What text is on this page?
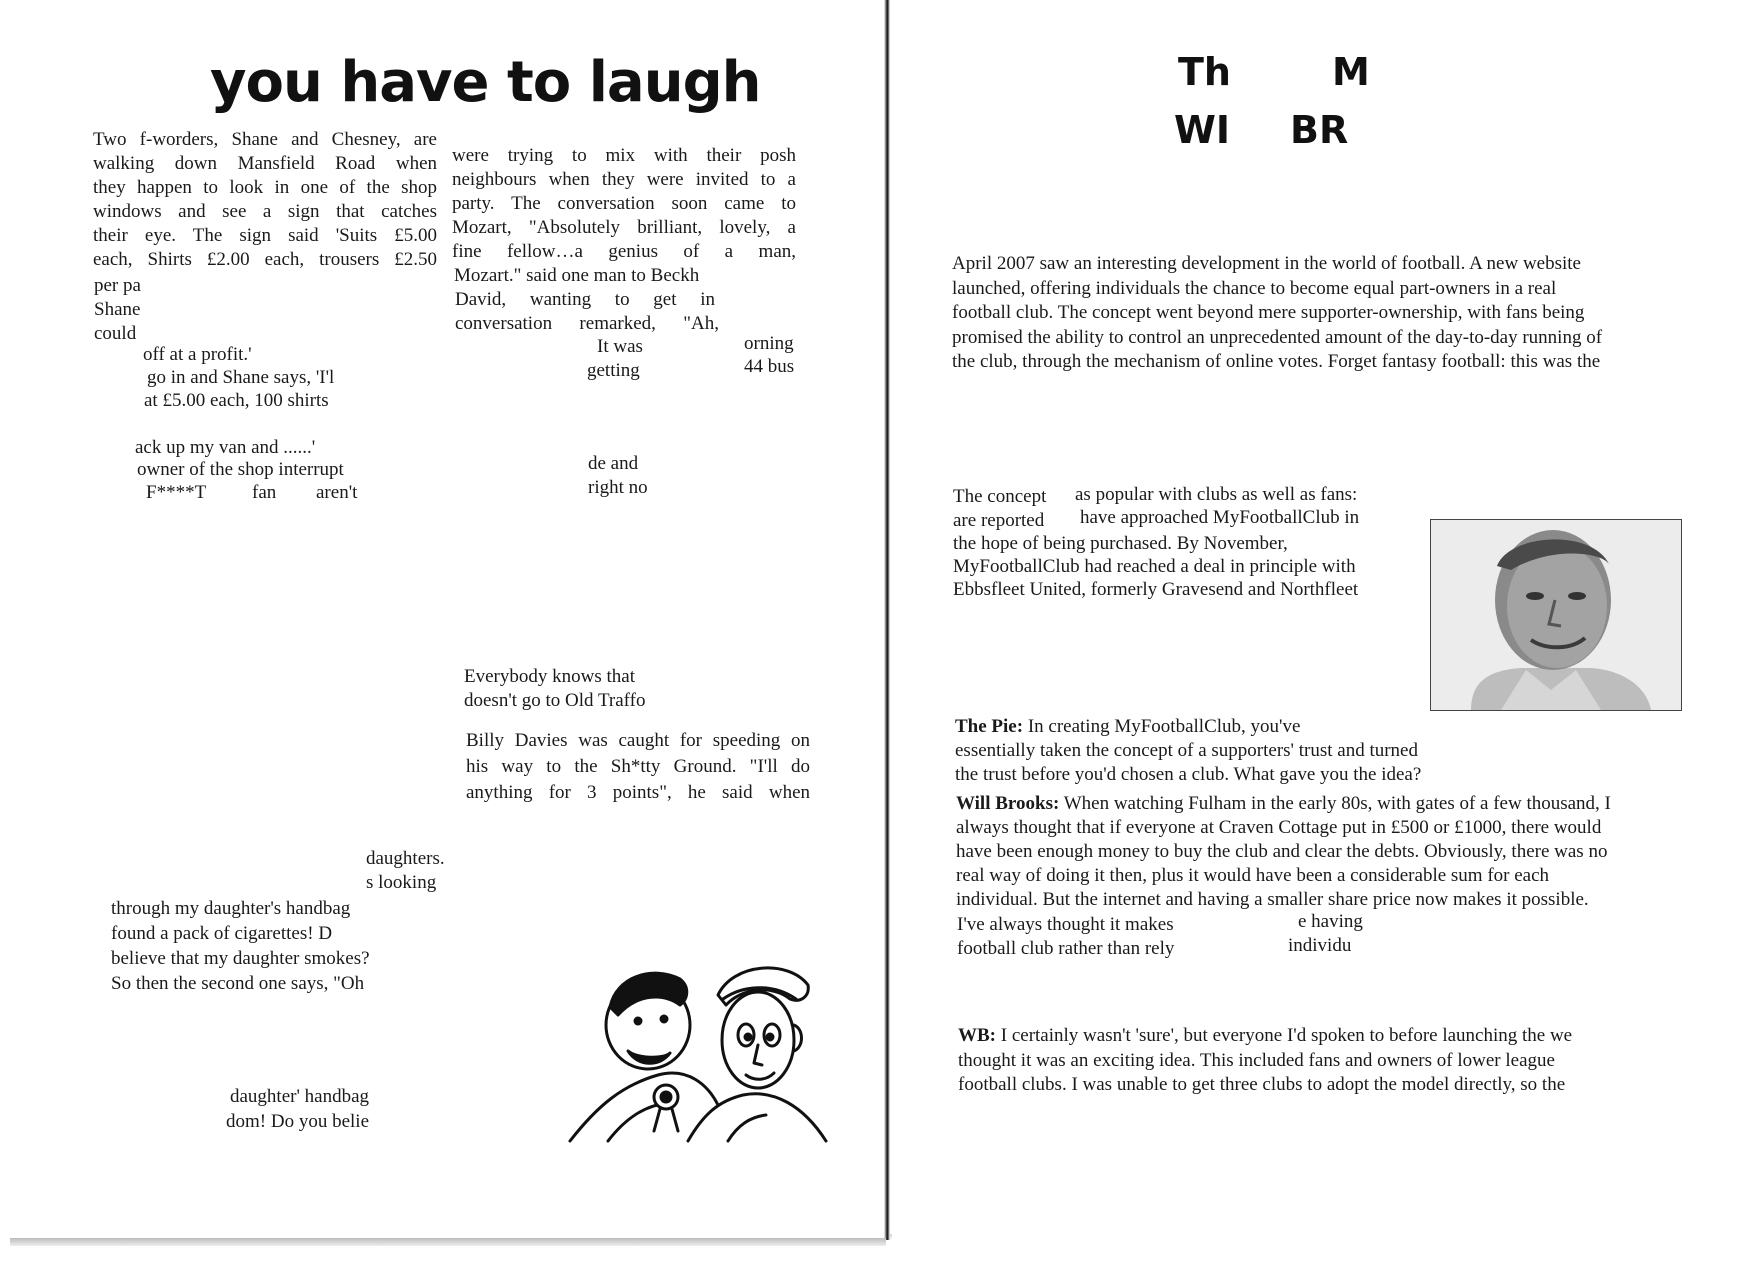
you have to laugh
Two f-worders, Shane and Chesney, are
walking down Mansfield Road when
they happen to look in one of the shop
windows and see a sign that catches
their eye. The sign said 'Suits £5.00
each, Shirts £2.00 each, trousers £2.50
per pa
Shane
could
off at a profit.'
go in and Shane says, 'I'l
at £5.00 each, 100 shirts
ack up my van and ......'
owner of the shop interrupt
F****T fan aren't
daughters.
s looking
through my daughter's handbag
found a pack of cigarettes! D
believe that my daughter smokes?
So then the second one says, "Oh
daughter' handbag
dom! Do you belie
were trying to mix with their posh
neighbours when they were invited to a
party. The conversation soon came to
Mozart, "Absolutely brilliant, lovely, a
fine fellow…a genius of a man,
Mozart." said one man to Beckh
David, wanting to get in
conversation remarked, "Ah,
It was	orning
getting	44 bus
de and
right no
Everybody knows that
doesn't go to Old Traffo
Billy Davies was caught for speeding on
his way to the Sh*tty Ground. "I'll do
anything for 3 points", he said when
Th	M
WI BR
April 2007 saw an interesting development in the world of football. A new website
launched, offering individuals the chance to become equal part-owners in a real
football club. The concept went beyond mere supporter-ownership, with fans being
promised the ability to control an unprecedented amount of the day-to-day running of
the club, through the mechanism of online votes. Forget fantasy football: this was the
The concept as popular with clubs as well as fans:
are reported have approached MyFootballClub in
the hope of being purchased. By November,
MyFootballClub had reached a deal in principle with
Ebbsfleet United, formerly Gravesend and Northfleet
The Pie: In creating MyFootballClub, you've
essentially taken the concept of a supporters' trust and turned
the trust before you'd chosen a club. What gave you the idea?
Will Brooks: When watching Fulham in the early 80s, with gates of a few thousand, I
always thought that if everyone at Craven Cottage put in £500 or £1000, there would
have been enough money to buy the club and clear the debts. Obviously, there was no
real way of doing it then, plus it would have been a considerable sum for each
individual. But the internet and having a smaller share price now makes it possible.
I've always thought it makes	e having
football club rather than rely	individu
WB: I certainly wasn't 'sure', but everyone I'd spoken to before launching the we
thought it was an exciting idea. This included fans and owners of lower league
football clubs. I was unable to get three clubs to adopt the model directly, so the
